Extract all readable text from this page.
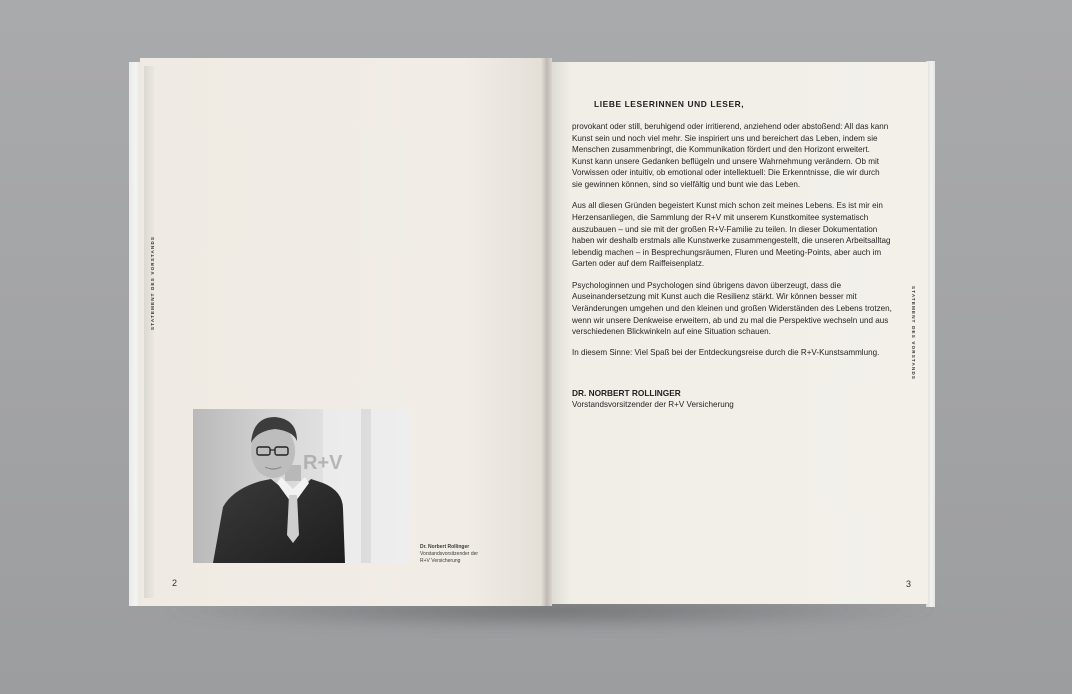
STATEMENT DES VORSTANDS
STATEMENT DES VORSTANDS
R+V
Dr. Norbert Rollinger
Vorstandsvorsitzender der
R+V Versicherung
2	3
LIEBE LESERINNEN UND LESER,

provokant oder still, beruhigend oder irritierend, anziehend oder abstoßend: All das kann Kunst sein und noch viel mehr. Sie inspiriert uns und bereichert das Leben, indem sie Menschen zusammenbringt, die Kommunikation fördert und den Horizont erweitert. Kunst kann unsere Gedanken beflügeln und unsere Wahrnehmung verändern. Ob mit Vorwissen oder intuitiv, ob emotional oder intellektuell: Die Erkenntnisse, die wir durch sie gewinnen können, sind so vielfältig und bunt wie das Leben.

Aus all diesen Gründen begeistert Kunst mich schon zeit meines Lebens. Es ist mir ein Herzensanliegen, die Sammlung der R+V mit unserem Kunstkomitee systematisch auszubauen – und sie mit der großen R+V-Familie zu teilen. In dieser Dokumentation haben wir deshalb erstmals alle Kunstwerke zusammengestellt, die unseren Arbeitsalltag lebendig machen – in Besprechungsräumen, Fluren und Meeting-Points, aber auch im Garten oder auf dem Raiffeisenplatz.

Psychologinnen und Psychologen sind übrigens davon überzeugt, dass die Auseinandersetzung mit Kunst auch die Resilienz stärkt. Wir können besser mit Veränderungen umgehen und den kleinen und großen Widerständen des Lebens trotzen, wenn wir unsere Denkweise erweitern, ab und zu mal die Perspektive wechseln und aus verschiedenen Blickwinkeln auf eine Situation schauen.

In diesem Sinne: Viel Spaß bei der Entdeckungsreise durch die R+V-Kunstsammlung.

DR. NORBERT ROLLINGER
Vorstandsvorsitzender der R+V Versicherung
